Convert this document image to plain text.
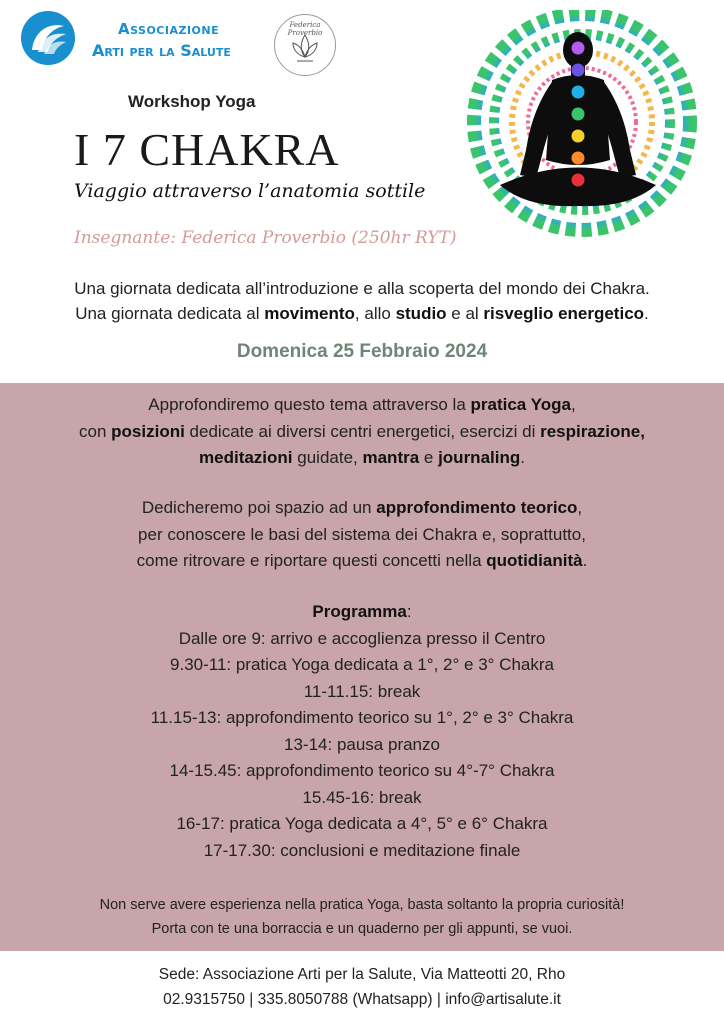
Associazione
Arti per la Salute
Federica Proverbio
Workshop Yoga
I 7 CHAKRA
Viaggio attraverso l’anatomia sottile
Insegnante: Federica Proverbio (250hr RYT)
Una giornata dedicata all’introduzione e alla scoperta del mondo dei Chakra.
Una giornata dedicata al movimento, allo studio e al risveglio energetico.
Domenica 25 Febbraio 2024
Approfondiremo questo tema attraverso la pratica Yoga,
con posizioni dedicate ai diversi centri energetici, esercizi di respirazione,
meditazioni guidate, mantra e journaling.
Dedicheremo poi spazio ad un approfondimento teorico,
per conoscere le basi del sistema dei Chakra e, soprattutto,
come ritrovare e riportare questi concetti nella quotidianità.
Programma:
Dalle ore 9: arrivo e accoglienza presso il Centro
9.30-11: pratica Yoga dedicata a 1°, 2° e 3° Chakra
11-11.15: break
11.15-13: approfondimento teorico su 1°, 2° e 3° Chakra
13-14: pausa pranzo
14-15.45: approfondimento teorico su 4°-7° Chakra
15.45-16: break
16-17: pratica Yoga dedicata a 4°, 5° e 6° Chakra
17-17.30: conclusioni e meditazione finale
Non serve avere esperienza nella pratica Yoga, basta soltanto la propria curiosità!
Porta con te una borraccia e un quaderno per gli appunti, se vuoi.
Sede: Associazione Arti per la Salute, Via Matteotti 20, Rho
02.9315750 | 335.8050788 (Whatsapp) | info@artisalute.it
